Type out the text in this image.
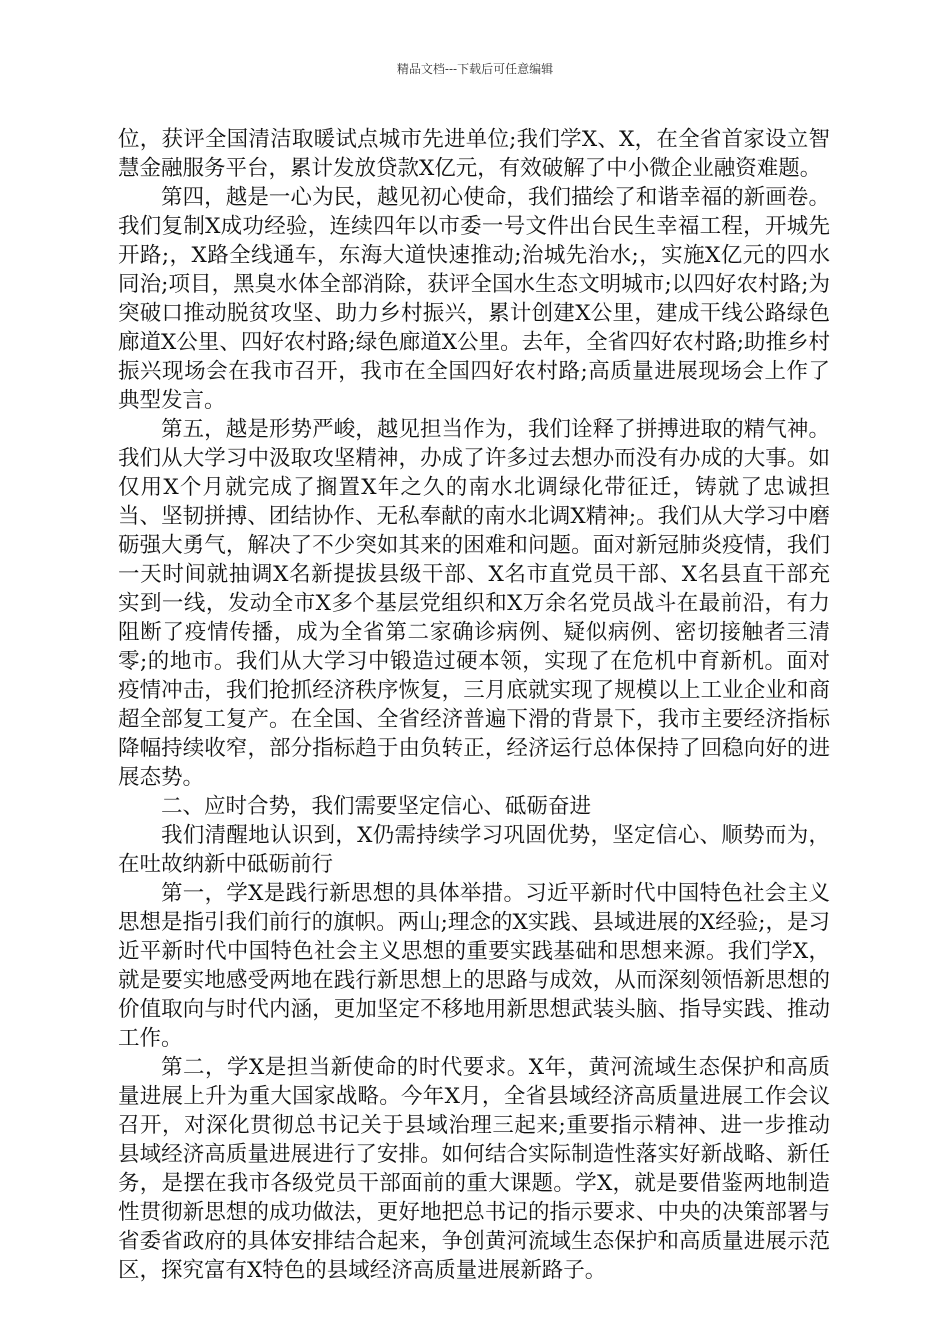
精品文档---下载后可任意编辑

位，获评全国清洁取暖试点城市先进单位;我们学Ⅹ、Ⅹ，在全省首家设立智慧金融服务平台，累计发放贷款Ⅹ亿元，有效破解了中小微企业融资难题。

第四，越是一心为民，越见初心使命，我们描绘了和谐幸福的新画卷。我们复制Ⅹ成功经验，连续四年以市委一号文件出台民生幸福工程，开城先开路;，Ⅹ路全线通车，东海大道快速推动;治城先治水;，实施Ⅹ亿元的四水同治;项目，黑臭水体全部消除，获评全国水生态文明城市;以四好农村路;为突破口推动脱贫攻坚、助力乡村振兴，累计创建Ⅹ公里，建成干线公路绿色廊道Ⅹ公里、四好农村路;绿色廊道Ⅹ公里。去年，全省四好农村路;助推乡村振兴现场会在我市召开，我市在全国四好农村路;高质量进展现场会上作了典型发言。

第五，越是形势严峻，越见担当作为，我们诠释了拼搏进取的精气神。我们从大学习中汲取攻坚精神，办成了许多过去想办而没有办成的大事。如仅用Ⅹ个月就完成了搁置Ⅹ年之久的南水北调绿化带征迁，铸就了忠诚担当、坚韧拼搏、团结协作、无私奉献的南水北调Ⅹ精神;。我们从大学习中磨砺强大勇气，解决了不少突如其来的困难和问题。面对新冠肺炎疫情，我们一天时间就抽调Ⅹ名新提拔县级干部、Ⅹ名市直党员干部、Ⅹ名县直干部充实到一线，发动全市Ⅹ多个基层党组织和Ⅹ万余名党员战斗在最前沿，有力阻断了疫情传播，成为全省第二家确诊病例、疑似病例、密切接触者三清零;的地市。我们从大学习中锻造过硬本领，实现了在危机中育新机。面对疫情冲击，我们抢抓经济秩序恢复，三月底就实现了规模以上工业企业和商超全部复工复产。在全国、全省经济普遍下滑的背景下，我市主要经济指标降幅持续收窄，部分指标趋于由负转正，经济运行总体保持了回稳向好的进展态势。

二、应时合势，我们需要坚定信心、砥砺奋进

我们清醒地认识到，Ⅹ仍需持续学习巩固优势，坚定信心、顺势而为，在吐故纳新中砥砺前行

第一，学Ⅹ是践行新思想的具体举措。习近平新时代中国特色社会主义思想是指引我们前行的旗帜。两山;理念的Ⅹ实践、县域进展的Ⅹ经验;，是习近平新时代中国特色社会主义思想的重要实践基础和思想来源。我们学Ⅹ，就是要实地感受两地在践行新思想上的思路与成效，从而深刻领悟新思想的价值取向与时代内涵，更加坚定不移地用新思想武装头脑、指导实践、推动工作。

第二，学Ⅹ是担当新使命的时代要求。Ⅹ年，黄河流域生态保护和高质量进展上升为重大国家战略。今年Ⅹ月，全省县域经济高质量进展工作会议召开，对深化贯彻总书记关于县域治理三起来;重要指示精神、进一步推动县域经济高质量进展进行了安排。如何结合实际制造性落实好新战略、新任务，是摆在我市各级党员干部面前的重大课题。学Ⅹ，就是要借鉴两地制造性贯彻新思想的成功做法，更好地把总书记的指示要求、中央的决策部署与省委省政府的具体安排结合起来，争创黄河流域生态保护和高质量进展示范区，探究富有Ⅹ特色的县域经济高质量进展新路子。
